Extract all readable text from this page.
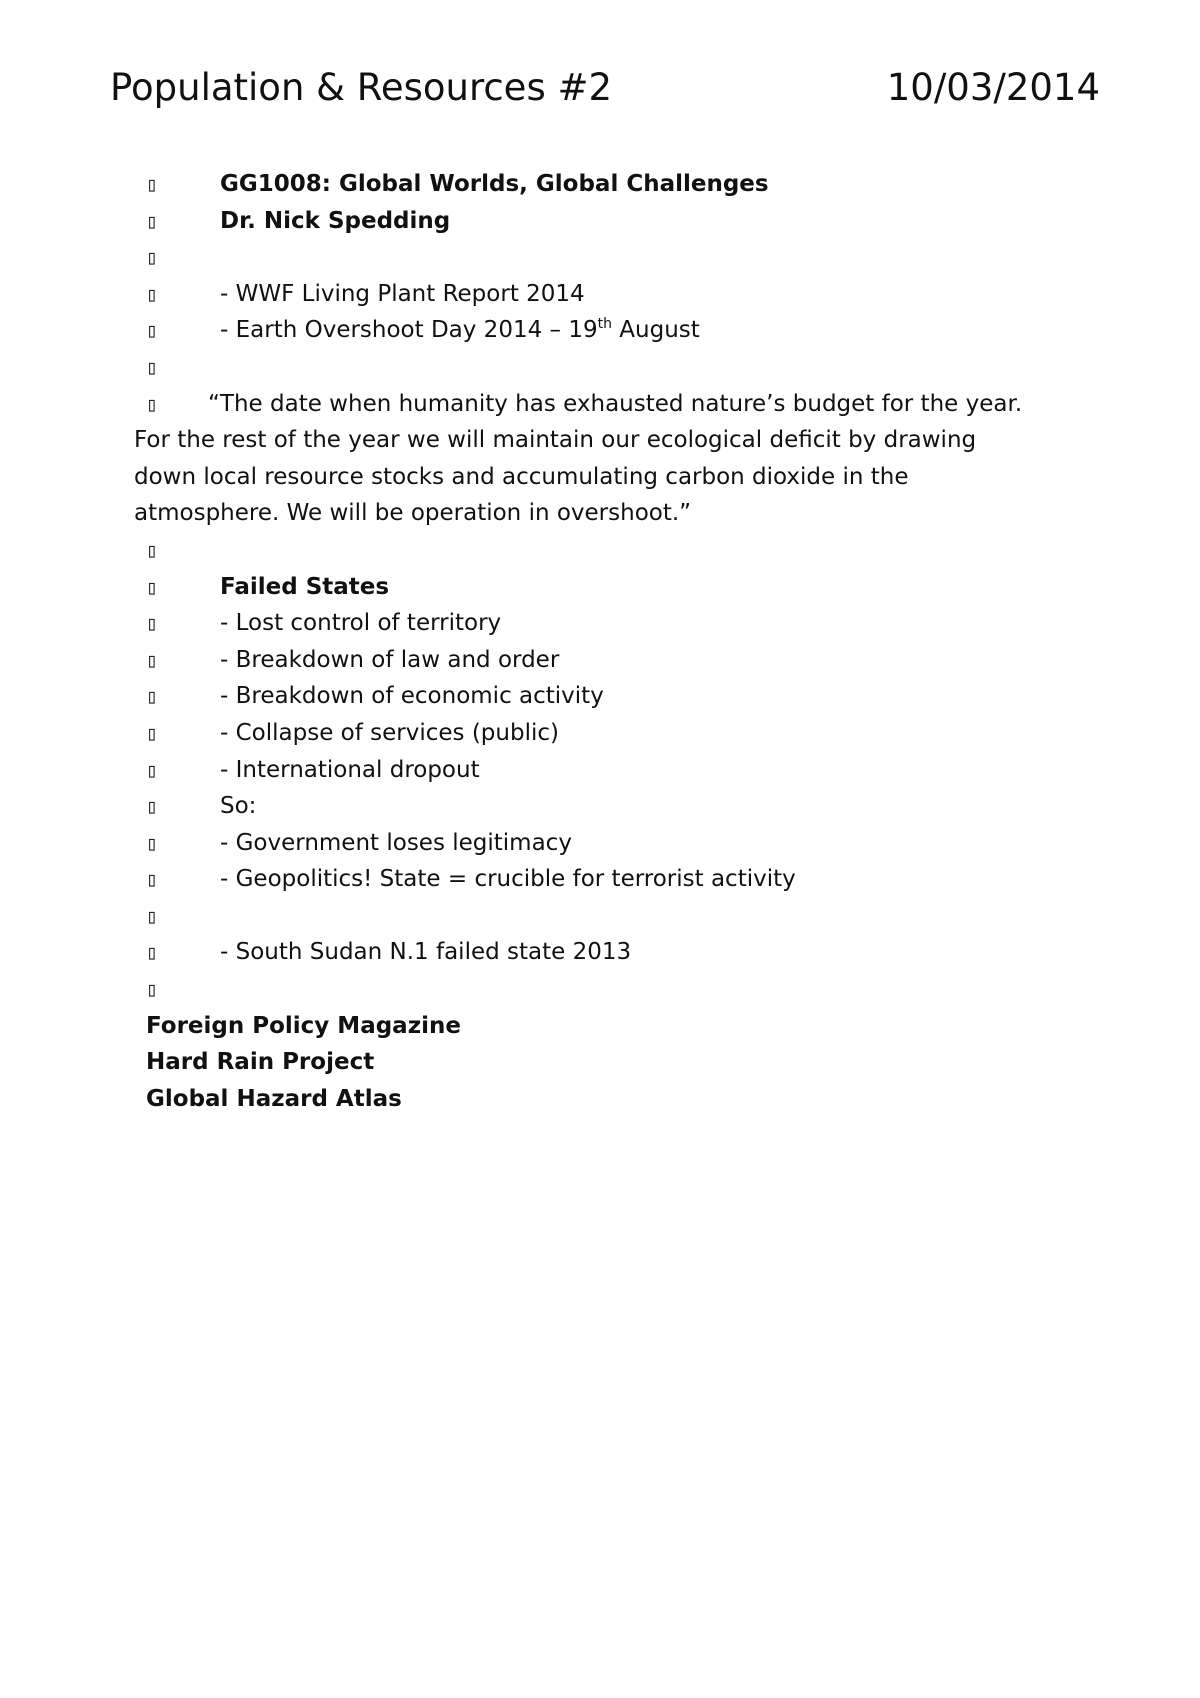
Population & Resources #2	10/03/2014
▯	GG1008: Global Worlds, Global Challenges
▯	Dr. Nick Spedding
▯
▯	- WWF Living Plant Report 2014
▯	- Earth Overshoot Day 2014 – 19th August
▯
▯	“The date when humanity has exhausted nature’s budget for the year. For the rest of the year we will maintain our ecological deficit by drawing down local resource stocks and accumulating carbon dioxide in the atmosphere. We will be operation in overshoot.”
▯
▯	Failed States
▯	- Lost control of territory
▯	- Breakdown of law and order
▯	- Breakdown of economic activity
▯	- Collapse of services (public)
▯	- International dropout
▯	So:
▯	- Government loses legitimacy
▯	- Geopolitics! State = crucible for terrorist activity
▯
▯	- South Sudan N.1 failed state 2013
▯
Foreign Policy Magazine
Hard Rain Project
Global Hazard Atlas
